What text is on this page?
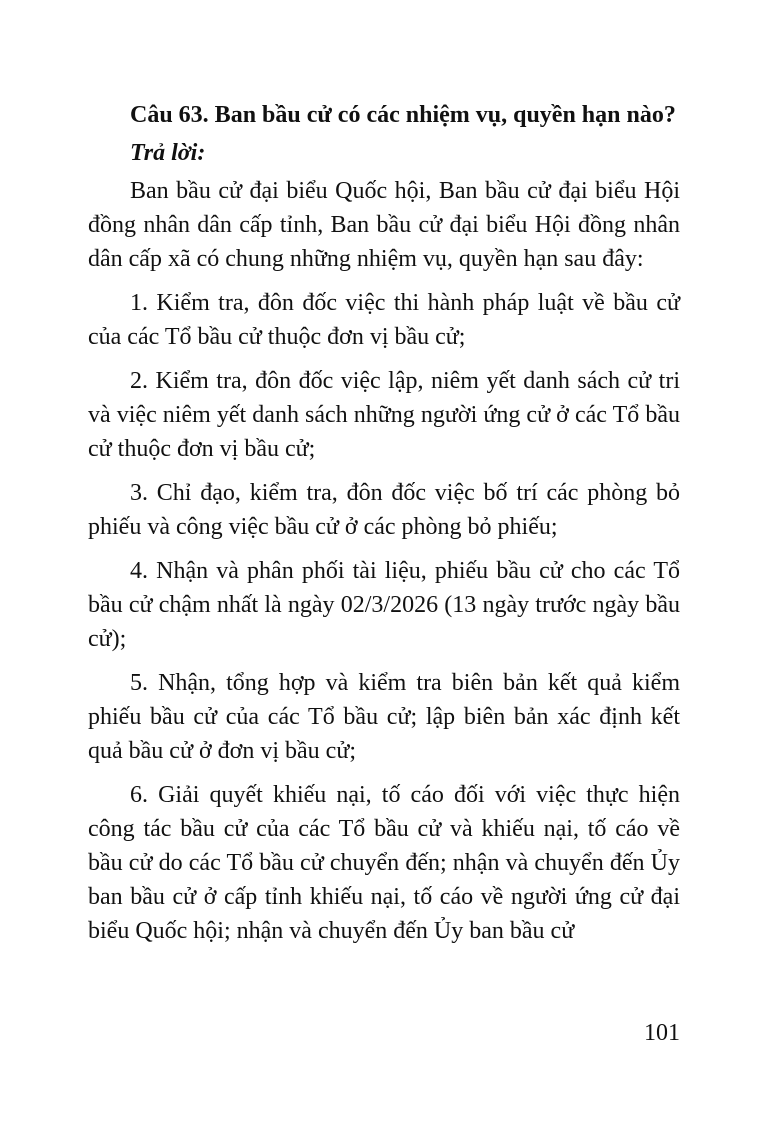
Câu 63. Ban bầu cử có các nhiệm vụ, quyền hạn nào?

Trả lời:

Ban bầu cử đại biểu Quốc hội, Ban bầu cử đại biểu Hội đồng nhân dân cấp tỉnh, Ban bầu cử đại biểu Hội đồng nhân dân cấp xã có chung những nhiệm vụ, quyền hạn sau đây:

1. Kiểm tra, đôn đốc việc thi hành pháp luật về bầu cử của các Tổ bầu cử thuộc đơn vị bầu cử;

2. Kiểm tra, đôn đốc việc lập, niêm yết danh sách cử tri và việc niêm yết danh sách những người ứng cử ở các Tổ bầu cử thuộc đơn vị bầu cử;

3. Chỉ đạo, kiểm tra, đôn đốc việc bố trí các phòng bỏ phiếu và công việc bầu cử ở các phòng bỏ phiếu;

4. Nhận và phân phối tài liệu, phiếu bầu cử cho các Tổ bầu cử chậm nhất là ngày 02/3/2026 (13 ngày trước ngày bầu cử);

5. Nhận, tổng hợp và kiểm tra biên bản kết quả kiểm phiếu bầu cử của các Tổ bầu cử; lập biên bản xác định kết quả bầu cử ở đơn vị bầu cử;

6. Giải quyết khiếu nại, tố cáo đối với việc thực hiện công tác bầu cử của các Tổ bầu cử và khiếu nại, tố cáo về bầu cử do các Tổ bầu cử chuyển đến; nhận và chuyển đến Ủy ban bầu cử ở cấp tỉnh khiếu nại, tố cáo về người ứng cử đại biểu Quốc hội; nhận và chuyển đến Ủy ban bầu cử

101
